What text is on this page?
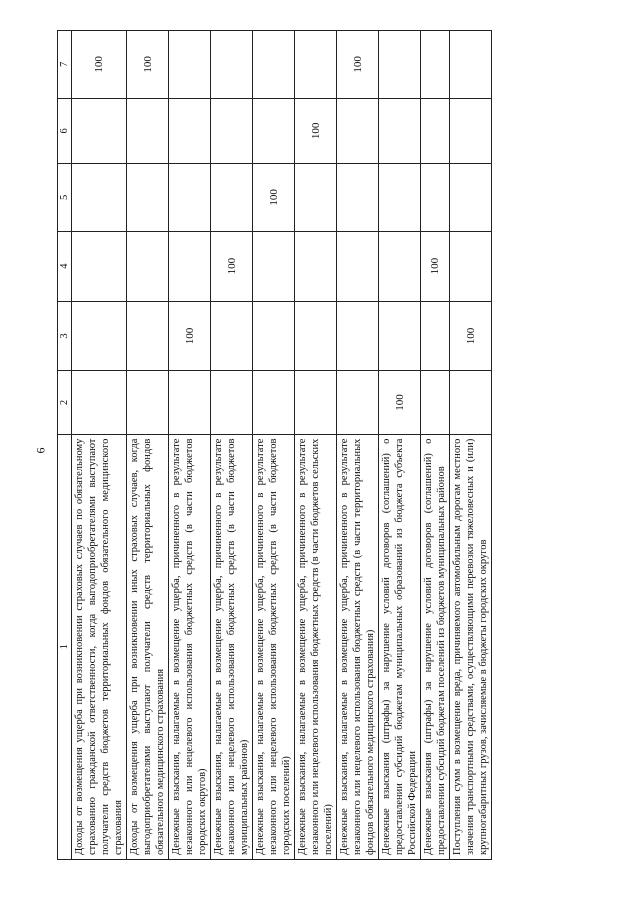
6
1	2	3	4	5	6	7
Доходы от возмещения ущерба при возникновении страховых случаев по обязательному страхованию гражданской ответственности, когда выгодоприобретателями выступают получатели средств бюджетов территориальных фондов обязательного медицинского страхования						100
Доходы от возмещения ущерба при возникновении иных страховых случаев, когда выгодоприобретателями выступают получатели средств территориальных фондов обязательного медицинского страхования						100
Денежные взыскания, налагаемые в возмещение ущерба, причиненного в результате незаконного или нецелевого использования бюджетных средств (в части бюджетов городских округов)		100				
Денежные взыскания, налагаемые в возмещение ущерба, причиненного в результате незаконного или нецелевого использования бюджетных средств (в части бюджетов муниципальных районов)			100			
Денежные взыскания, налагаемые в возмещение ущерба, причиненного в результате незаконного или нецелевого использования бюджетных средств (в части бюджетов городских поселений)				100		
Денежные взыскания, налагаемые в возмещение ущерба, причиненного в результате незаконного или нецелевого использования бюджетных средств (в части бюджетов сельских поселений)					100	
Денежные взыскания, налагаемые в возмещение ущерба, причиненного в результате незаконного или нецелевого использования бюджетных средств (в части территориальных фондов обязательного медицинского страхования)						100
Денежные взыскания (штрафы) за нарушение условий договоров (соглашений) о предоставлении субсидий бюджетам муниципальных образований из бюджета субъекта Российской Федерации	100					
Денежные взыскания (штрафы) за нарушение условий договоров (соглашений) о предоставлении субсидий бюджетам поселений из бюджетов муниципальных районов			100			
Поступления сумм в возмещение вреда, причиняемого автомобильным дорогам местного значения транспортными средствами, осуществляющими перевозки тяжеловесных и (или) крупногабаритных грузов, зачисляемые в бюджеты городских округов		100				
